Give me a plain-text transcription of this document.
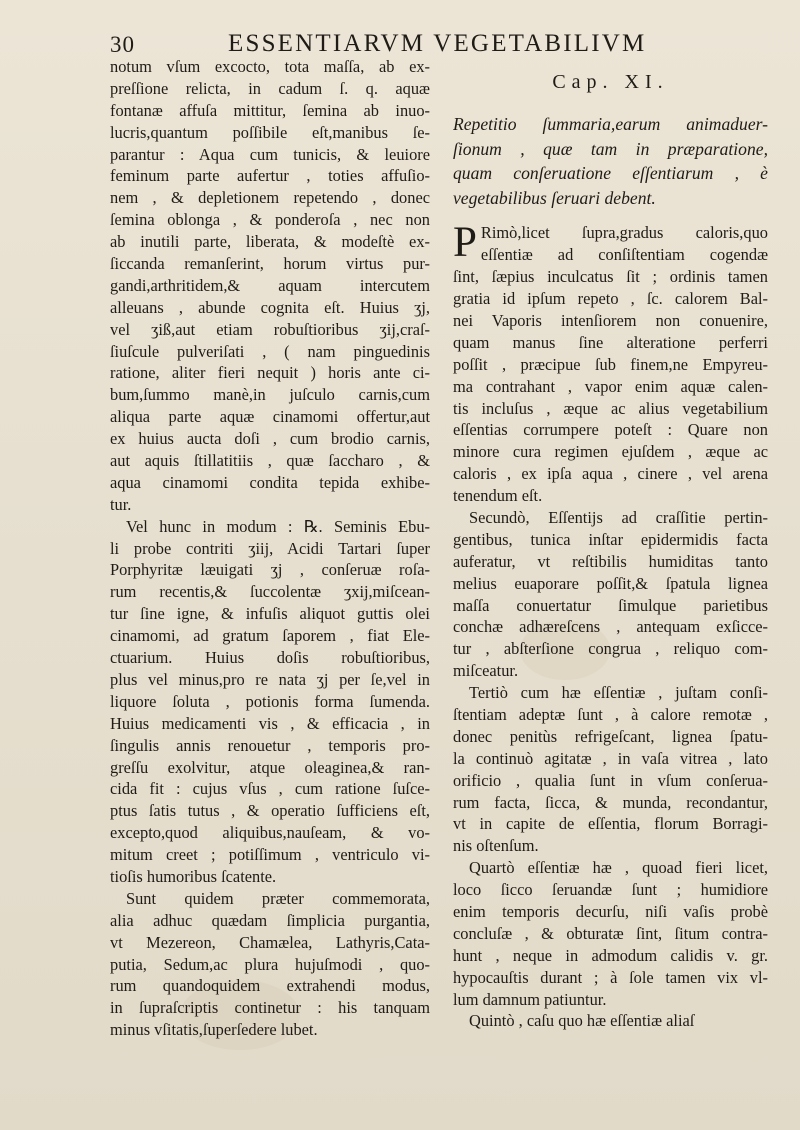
30	ESSENTIARVM VEGETABILIVM
notum vſum excocto, tota maſſa, ab ex-
preſſione relicta, in cadum ſ. q. aquæ
fontanæ affuſa mittitur, ſemina ab inuo-
lucris,quantum poſſibile eſt,manibus ſe-
parantur : Aqua cum tunicis, & leuiore
feminum parte aufertur , toties affuſio-
nem , & depletionem repetendo , donec
ſemina oblonga , & ponderoſa , nec non
ab inutili parte, liberata, & modeſtè ex-
ſiccanda remanſerint, horum virtus pur-
gandi,arthritidem,& aquam intercutem
alleuans , abunde cognita eſt. Huius ʒj,
vel ʒiß,aut etiam robuſtioribus ʒij,craſ-
ſiuſcule pulveriſati , ( nam pinguedinis
ratione, aliter fieri nequit ) horis ante ci-
bum,ſummo manè,in juſculo carnis,cum
aliqua parte aquæ cinamomi offertur,aut
ex huius aucta doſi , cum brodio carnis,
aut aquis ſtillatitiis , quæ ſaccharo , &
aqua cinamomi condita tepida exhibe-
tur.
Vel hunc in modum : ℞. Seminis Ebu-
li probe contriti ʒiij, Acidi Tartari ſuper
Porphyritæ læuigati ʒj , conſeruæ roſa-
rum recentis,& ſuccolentæ ʒxij,miſcean-
tur ſine igne, & infuſis aliquot guttis olei
cinamomi, ad gratum ſaporem , fiat Ele-
ctuarium. Huius doſis robuſtioribus,
plus vel minus,pro re nata ʒj per ſe,vel in
liquore ſoluta , potionis forma ſumenda.
Huius medicamenti vis , & efficacia , in
ſingulis annis renouetur , temporis pro-
greſſu exolvitur, atque oleaginea,& ran-
cida fit : cujus vſus , cum ratione ſuſce-
ptus ſatis tutus , & operatio ſufficiens eſt,
excepto,quod aliquibus,nauſeam, & vo-
mitum creet ; potiſſimum , ventriculo vi-
tioſis humoribus ſcatente.
Sunt quidem præter commemorata,
alia adhuc quædam ſimplicia purgantia,
vt Mezereon, Chamælea, Lathyris,Cata-
putia, Sedum,ac plura hujuſmodi , quo-
rum quandoquidem extrahendi modus,
in ſupraſcriptis continetur : his tanquam
minus vſitatis,ſuperſedere lubet.
Cap. XI.
Repetitio ſummaria,earum animaduer-
ſionum , quæ tam in præparatione,
quam conſeruatione eſſentiarum , è
vegetabilibus ſeruari debent.
P Rimò,licet ſupra,gradus caloris,quo
eſſentiæ ad conſiſtentiam cogendæ
ſint, ſæpius inculcatus ſit ; ordinis tamen
gratia id ipſum repeto , ſc. calorem Bal-
nei Vaporis intenſiorem non conuenire,
quam manus ſine alteratione perferri
poſſit , præcipue ſub finem,ne Empyreu-
ma contrahant , vapor enim aquæ calen-
tis incluſus , æque ac alius vegetabilium
eſſentias corrumpere poteſt : Quare non
minore cura regimen ejuſdem , æque ac
caloris , ex ipſa aqua , cinere , vel arena
tenendum eſt.
Secundò, Eſſentijs ad craſſitie pertin-
gentibus, tunica inſtar epidermidis facta
auferatur, vt reſtibilis humiditas tanto
melius euaporare poſſit,& ſpatula lignea
maſſa conuertatur ſimulque parietibus
conchæ adhæreſcens , antequam exſicce-
tur , abſterſione congrua , reliquo com-
miſceatur.
Tertiò cum hæ eſſentiæ , juſtam conſi-
ſtentiam adeptæ ſunt , à calore remotæ ,
donec penitùs refrigeſcant, lignea ſpatu-
la continuò agitatæ , in vaſa vitrea , lato
orificio , qualia ſunt in vſum conſerua-
rum facta, ſicca, & munda, recondantur,
vt in capite de eſſentia, florum Borragi-
nis oſtenſum.
Quartò eſſentiæ hæ , quoad fieri licet,
loco ſicco ſeruandæ ſunt ; humidiore
enim temporis decurſu, niſi vaſis probè
concluſæ , & obturatæ ſint, ſitum contra-
hunt , neque in admodum calidis v. gr.
hypocauſtis durant ; à ſole tamen vix vl-
lum damnum patiuntur.
Quintò , caſu quo hæ eſſentiæ aliaſ
